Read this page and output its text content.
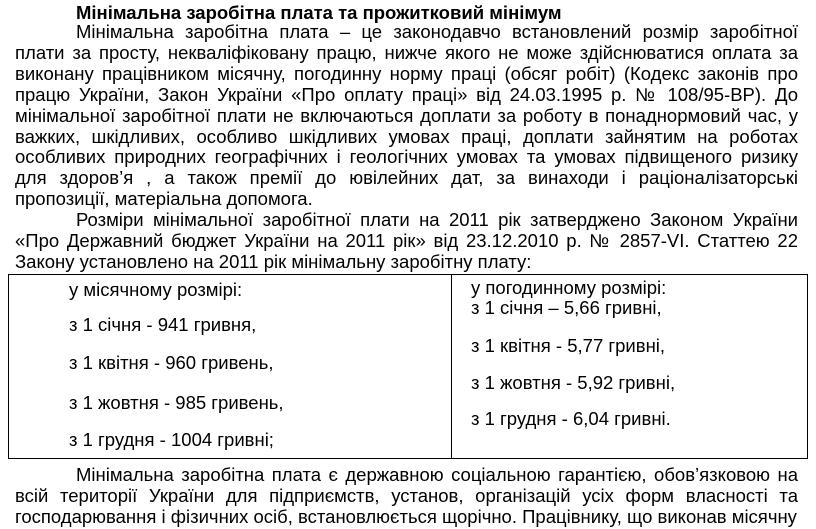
Мінімальна заробітна плата та прожитковий мінімум

Мінімальна заробітна плата – це законодавчо встановлений розмір заробітної плати за просту, некваліфіковану працю, нижче якого не може здійснюватися оплата за виконану працівником місячну, погодинну норму праці (обсяг робіт) (Кодекс законів про працю України, Закон України «Про оплату праці» від 24.03.1995 р. № 108/95-ВР). До мінімальної заробітної плати не включаються доплати за роботу в понаднормовий час, у важких, шкідливих, особливо шкідливих умовах праці, доплати зайнятим на роботах особливих природних географічних і геологічних умовах та умовах підвищеного ризику для здоров’я , а також премії до ювілейних дат, за винаходи і раціоналізаторські пропозиції, матеріальна допомога.

Розміри мінімальної заробітної плати на 2011 рік затверджено Законом України «Про Державний бюджет України на 2011 рік» від 23.12.2010 р. № 2857-VI. Статтею 22 Закону установлено на 2011 рік мінімальну заробітну плату:

у місячному розмірі:
з 1 січня - 941 гривня,
з 1 квітня - 960 гривень,
з 1 жовтня - 985 гривень,
з 1 грудня - 1004 гривні;
у погодинному розмірі:
з 1 січня – 5,66 гривні,
з 1 квітня - 5,77 гривні,
з 1 жовтня - 5,92 гривні,
з 1 грудня - 6,04 гривні.

Мінімальна заробітна плата є державною соціальною гарантією, обов’язковою на всій території України для підприємств, установ, організацій усіх форм власності та господарювання і фізичних осіб, встановлюється щорічно. Працівнику, що виконав місячну
